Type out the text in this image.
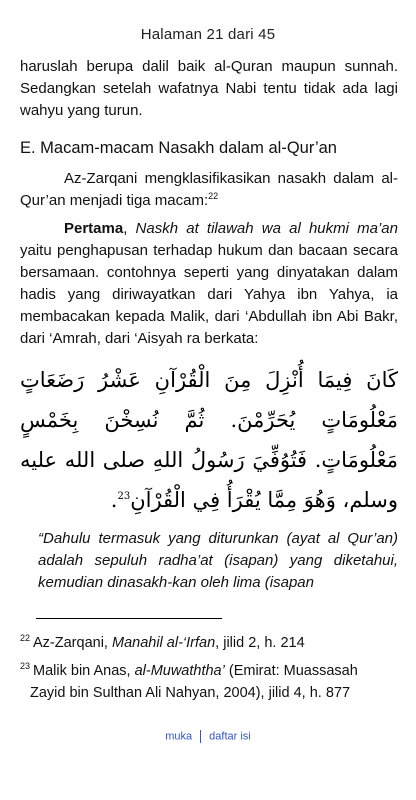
Halaman 21 dari 45

haruslah berupa dalil baik al-Quran maupun sunnah. Sedangkan setelah wafatnya Nabi tentu tidak ada lagi wahyu yang turun.

E. Macam-macam Nasakh dalam al-Qur’an

Az-Zarqani mengklasifikasikan nasakh dalam al-Qur’an menjadi tiga macam:$^{22}$

Pertama, Naskh at tilawah wa al hukmi ma’an yaitu penghapusan terhadap hukum dan bacaan secara bersamaan. contohnya seperti yang dinyatakan dalam hadis yang diriwayatkan dari Yahya ibn Yahya, ia membacakan kepada Malik, dari ‘Abdullah ibn Abi Bakr, dari ‘Amrah, dari ‘Aisyah ra berkata:

كَانَ فِيمَا أُنْزِلَ مِنَ الْقُرْآنِ عَشْرُ رَضَعَاتٍ مَعْلُومَاتٍ يُحَرِّمْنَ. ثُمَّ نُسِخْنَ بِخَمْسٍ مَعْلُومَاتٍ. فَتُوُفِّيَ رَسُولُ اللهِ صلى الله عليه وسلم، وَهُوَ مِمَّا يُقْرَأُ فِي الْقُرْآنِ$^{23}$.
“Dahulu termasuk yang diturunkan (ayat al Qur’an) adalah sepuluh radha’at (isapan) yang diketahui, kemudian dinasakh-kan oleh lima (isapan
$^{22}$ Az-Zarqani, Manahil al-‘Irfan, jilid 2, h. 214
$^{23}$ Malik bin Anas, al-Muwaththa’ (Emirat: Muassasah
Zayid bin Sulthan Ali Nahyan, 2004), jilid 4, h. 877
muka daftar isi
